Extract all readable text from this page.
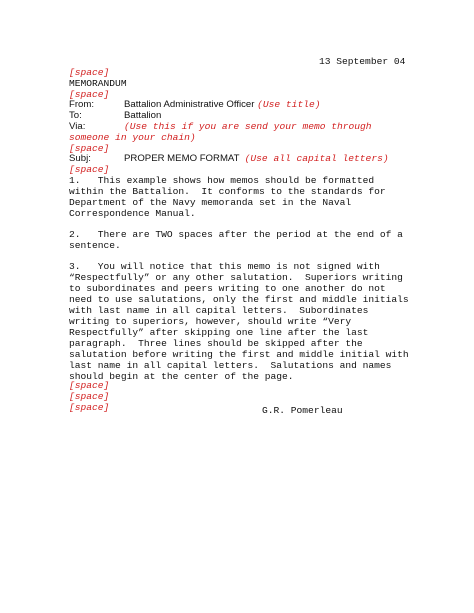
13 September 04
[space]
MEMORANDUM
[space]
From:	Battalion Administrative Officer (Use title)
To:	Battalion
Via:	(Use this if you are send your memo through
someone in your chain)
[space]
Subj:	PROPER MEMO FORMAT (Use all capital letters)
[space]
1.   This example shows how memos should be formatted
within the Battalion.  It conforms to the standards for
Department of the Navy memoranda set in the Naval
Correspondence Manual.
2.   There are TWO spaces after the period at the end of a
sentence.
3.   You will notice that this memo is not signed with
“Respectfully” or any other salutation.  Superiors writing
to subordinates and peers writing to one another do not
need to use salutations, only the first and middle initials
with last name in all capital letters.  Subordinates
writing to superiors, however, should write “Very
Respectfully” after skipping one line after the last
paragraph.  Three lines should be skipped after the
salutation before writing the first and middle initial with
last name in all capital letters.  Salutations and names
should begin at the center of the page.
[space]
[space]
[space]	G.R. Pomerleau
